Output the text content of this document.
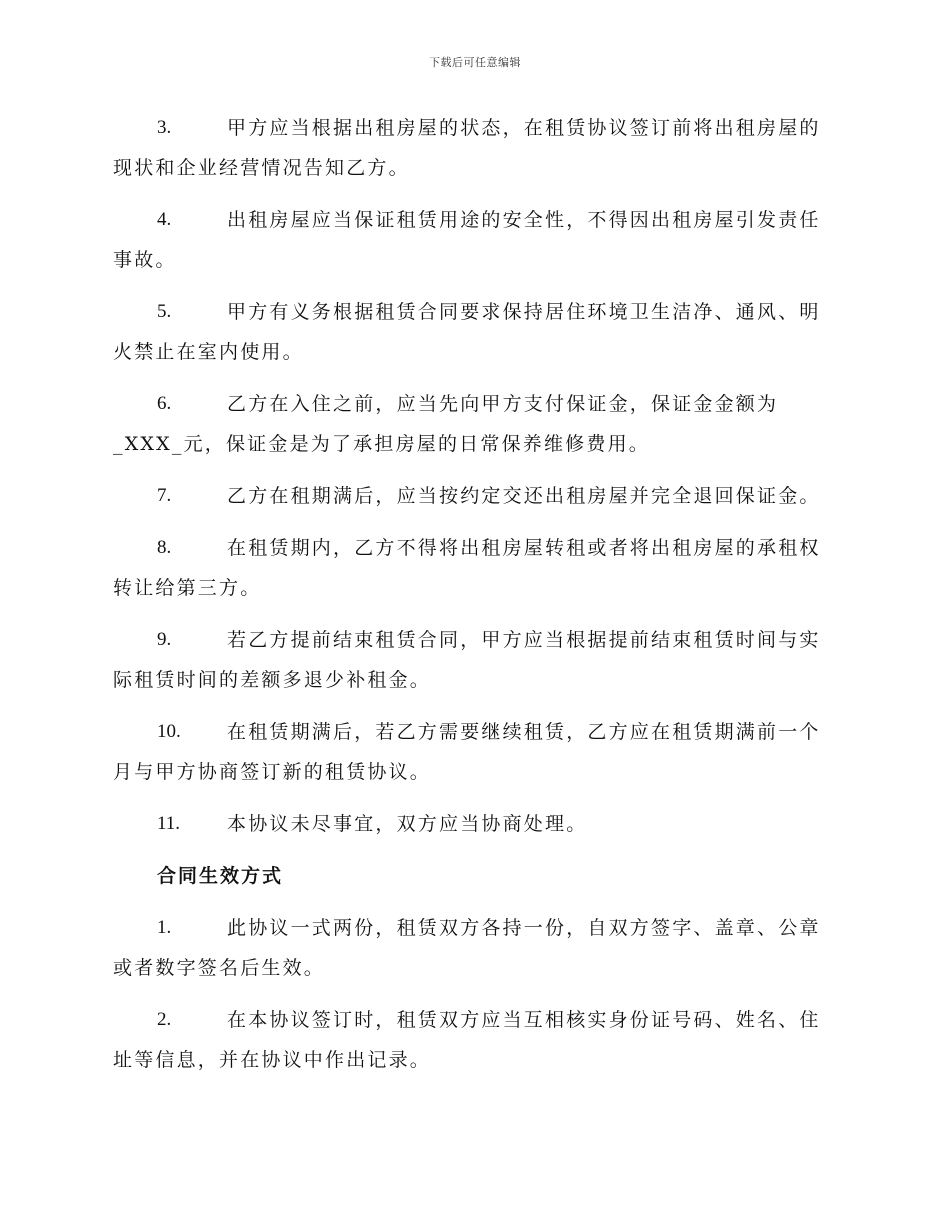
下载后可任意编辑
3.	甲方应当根据出租房屋的状态，在租赁协议签订前将出租房屋的
现状和企业经营情况告知乙方。
4.	出租房屋应当保证租赁用途的安全性，不得因出租房屋引发责任
事故。
5.	甲方有义务根据租赁合同要求保持居住环境卫生洁净、通风、明
火禁止在室内使用。
6.	乙方在入住之前，应当先向甲方支付保证金，保证金金额为
_XXX_元，保证金是为了承担房屋的日常保养维修费用。
7.	乙方在租期满后，应当按约定交还出租房屋并完全退回保证金。
8.	在租赁期内，乙方不得将出租房屋转租或者将出租房屋的承租权
转让给第三方。
9.	若乙方提前结束租赁合同，甲方应当根据提前结束租赁时间与实
际租赁时间的差额多退少补租金。
10.	在租赁期满后，若乙方需要继续租赁，乙方应在租赁期满前一个
月与甲方协商签订新的租赁协议。
11.	本协议未尽事宜，双方应当协商处理。
合同生效方式
1.	此协议一式两份，租赁双方各持一份，自双方签字、盖章、公章
或者数字签名后生效。
2.	在本协议签订时，租赁双方应当互相核实身份证号码、姓名、住
址等信息，并在协议中作出记录。
